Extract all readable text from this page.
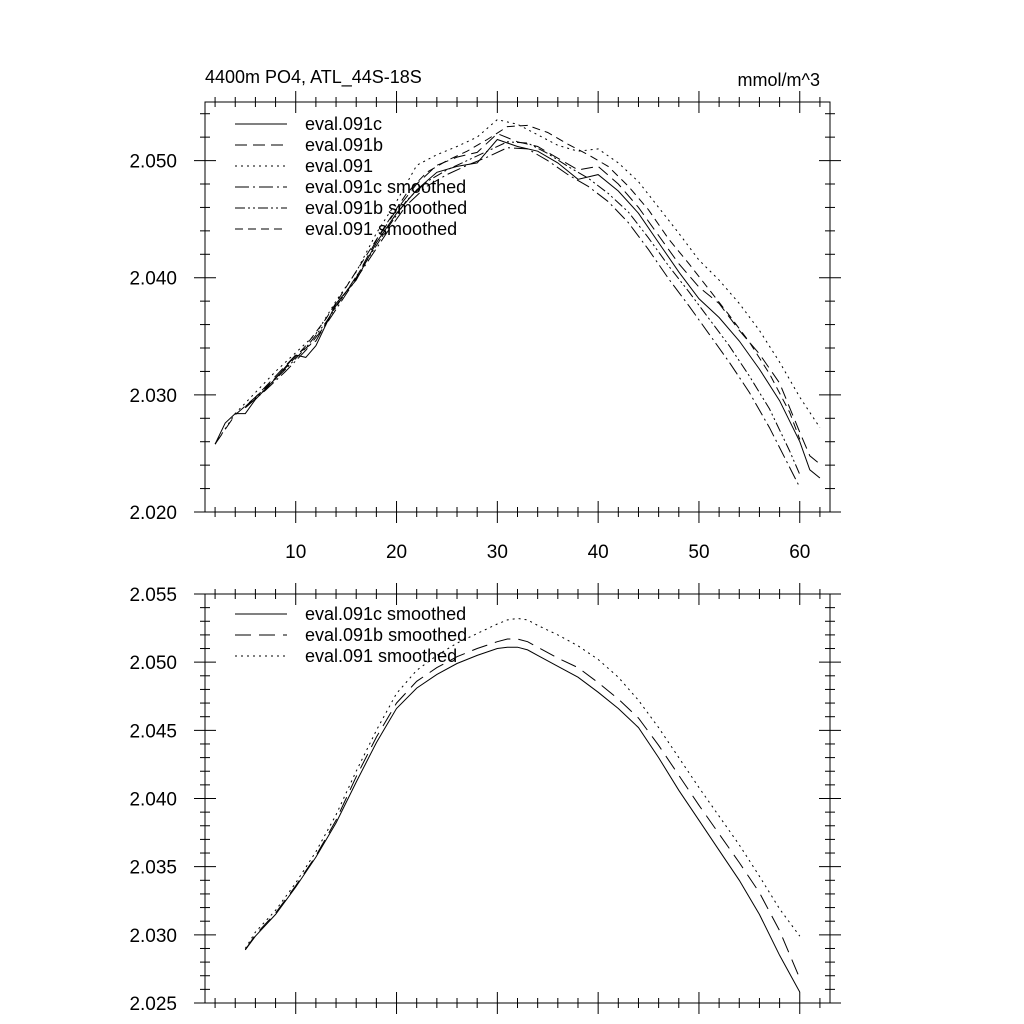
4400m PO4, ATL_44S-18S	mmol/m^3
2.020
2.030
2.040
2.050
10	20	30	40	50	60
eval.091c
eval.091b
eval.091
eval.091c smoothed
eval.091b smoothed
eval.091 smoothed
2.025
2.030
2.035
2.040
2.045
2.050
2.055
eval.091c smoothed
eval.091b smoothed
eval.091 smoothed
